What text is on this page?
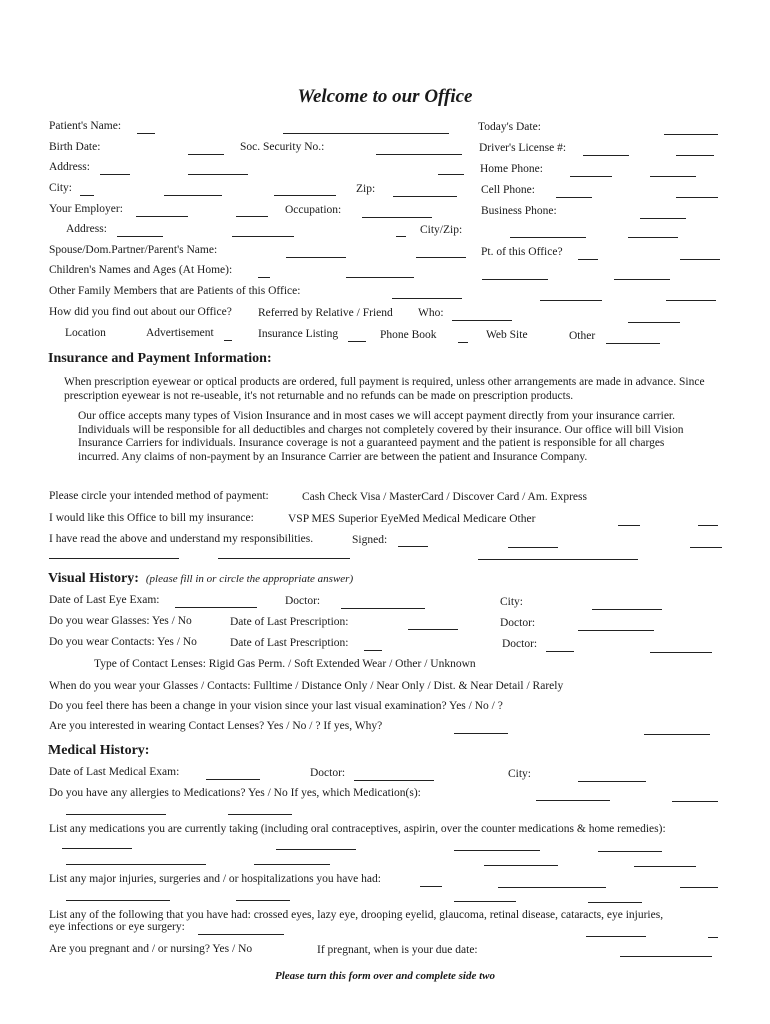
Welcome to our Office
Patient's Name:	Today's Date:
Birth Date:	Soc. Security No.:	Driver's License #:
Address:	Home Phone:
City:	Zip:	Cell Phone:
Your Employer:	Occupation:	Business Phone:
Address:	City/Zip:
Spouse/Dom.Partner/Parent's Name:	Pt. of this Office?
Children's Names and Ages (At Home):
Other Family Members that are Patients of this Office:
How did you find out about our Office? Referred by Relative / Friend Who:
Location	Advertisement	Insurance Listing	Phone Book	Web Site	Other
Insurance and Payment Information:
When prescription eyewear or optical products are ordered, full payment is required, unless other arrangements are made in advance. Since prescription eyewear is not re-useable, it's not returnable and no refunds can be made on prescription products.
Our office accepts many types of Vision Insurance and in most cases we will accept payment directly from your insurance carrier. Individuals will be responsible for all deductibles and charges not completely covered by their insurance. Our office will bill Vision Insurance Carriers for individuals. Insurance coverage is not a guaranteed payment and the patient is responsible for all charges incurred. Any claims of non-payment by an Insurance Carrier are between the patient and Insurance Company.
Please circle your intended method of payment:	Cash Check Visa / MasterCard / Discover Card / Am. Express
I would like this Office to bill my insurance:	VSP MES Superior EyeMed Medical Medicare Other
I have read the above and understand my responsibilities.	Signed:
Visual History: (please fill in or circle the appropriate answer)
Date of Last Eye Exam:	Doctor:	City:
Do you wear Glasses: Yes / No	Date of Last Prescription:	Doctor:
Do you wear Contacts: Yes / No	Date of Last Prescription:	Doctor:
Type of Contact Lenses: Rigid Gas Perm. / Soft Extended Wear / Other / Unknown
When do you wear your Glasses / Contacts: Fulltime / Distance Only / Near Only / Dist. & Near Detail / Rarely
Do you feel there has been a change in your vision since your last visual examination? Yes / No / ?
Are you interested in wearing Contact Lenses? Yes / No / ? If yes, Why?
Medical History:
Date of Last Medical Exam:	Doctor:	City:
Do you have any allergies to Medications? Yes / No If yes, which Medication(s):
List any medications you are currently taking (including oral contraceptives, aspirin, over the counter medications & home remedies):
List any major injuries, surgeries and / or hospitalizations you have had:
List any of the following that you have had: crossed eyes, lazy eye, drooping eyelid, glaucoma, retinal disease, cataracts, eye injuries,
eye infections or eye surgery:
Are you pregnant and / or nursing? Yes / No	If pregnant, when is your due date:
Please turn this form over and complete side two
